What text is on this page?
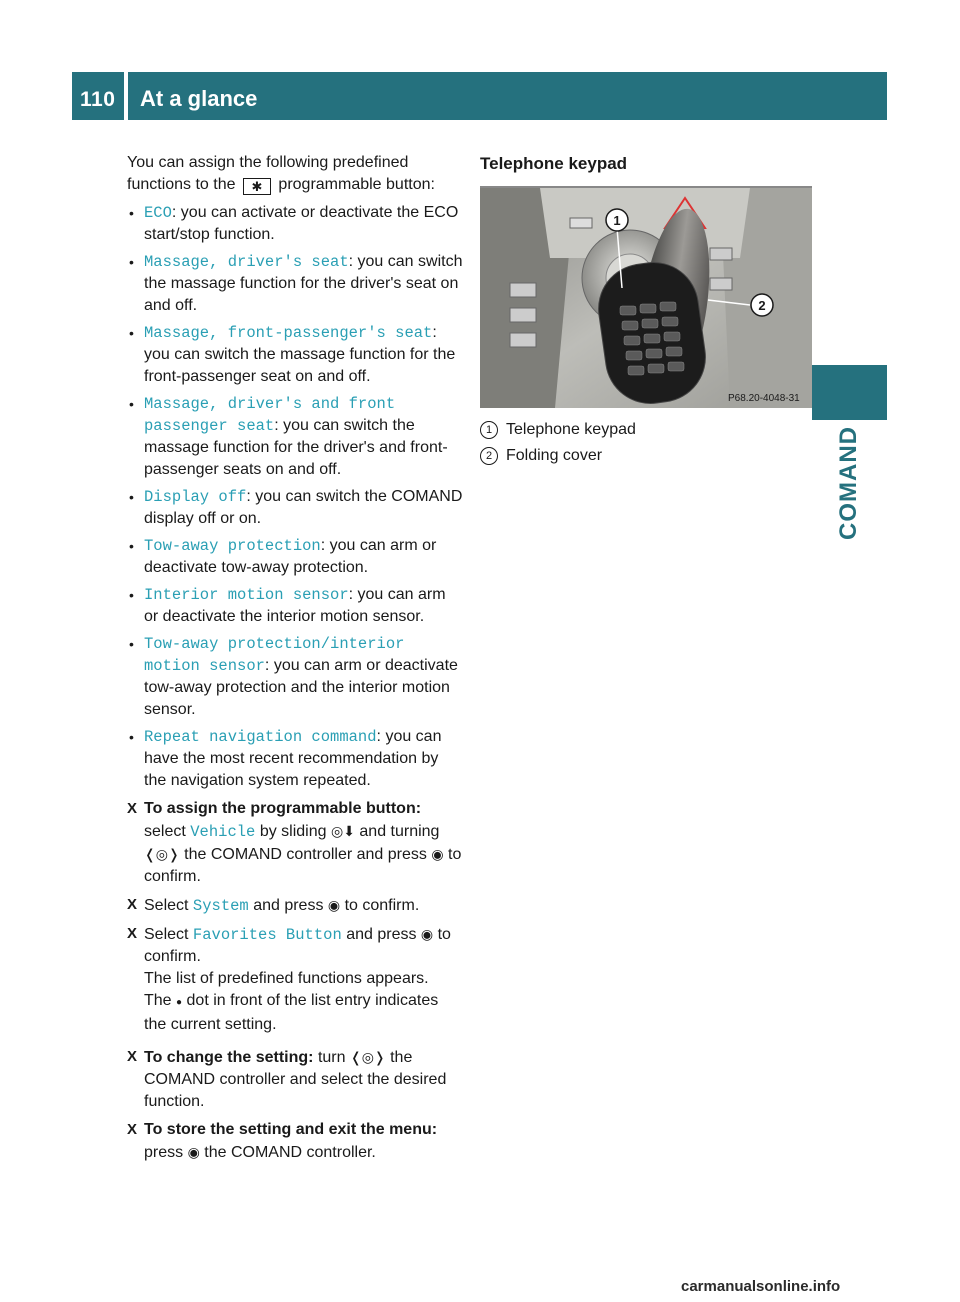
110 At a glance
COMAND

You can assign the following predefined functions to the ✱ programmable button:

• ECO: you can activate or deactivate the ECO start/stop function.
• Massage, driver's seat: you can switch the massage function for the driver's seat on and off.
• Massage, front-passenger's seat: you can switch the massage function for the front-passenger seat on and off.
• Massage, driver's and front passenger seat: you can switch the massage function for the driver's and front-passenger seats on and off.
• Display off: you can switch the COMAND display off or on.
• Tow-away protection: you can arm or deactivate tow-away protection.
• Interior motion sensor: you can arm or deactivate the interior motion sensor.
• Tow-away protection/interior motion sensor: you can arm or deactivate tow-away protection and the interior motion sensor.
• Repeat navigation command: you can have the most recent recommendation by the navigation system repeated.
X To assign the programmable button: select Vehicle by sliding ◎⬇ and turning ❬◎❭ the COMAND controller and press ◉ to confirm.
X Select System and press ◉ to confirm.
X Select Favorites Button and press ◉ to confirm.
The list of predefined functions appears.
The ● dot in front of the list entry indicates the current setting.
X To change the setting: turn ❬◎❭ the COMAND controller and select the desired function.
X To store the setting and exit the menu: press ◉ the COMAND controller.
Telephone keypad
1
2
P68.20-4048-31
1 Telephone keypad
2 Folding cover
carmanualsonline.info
